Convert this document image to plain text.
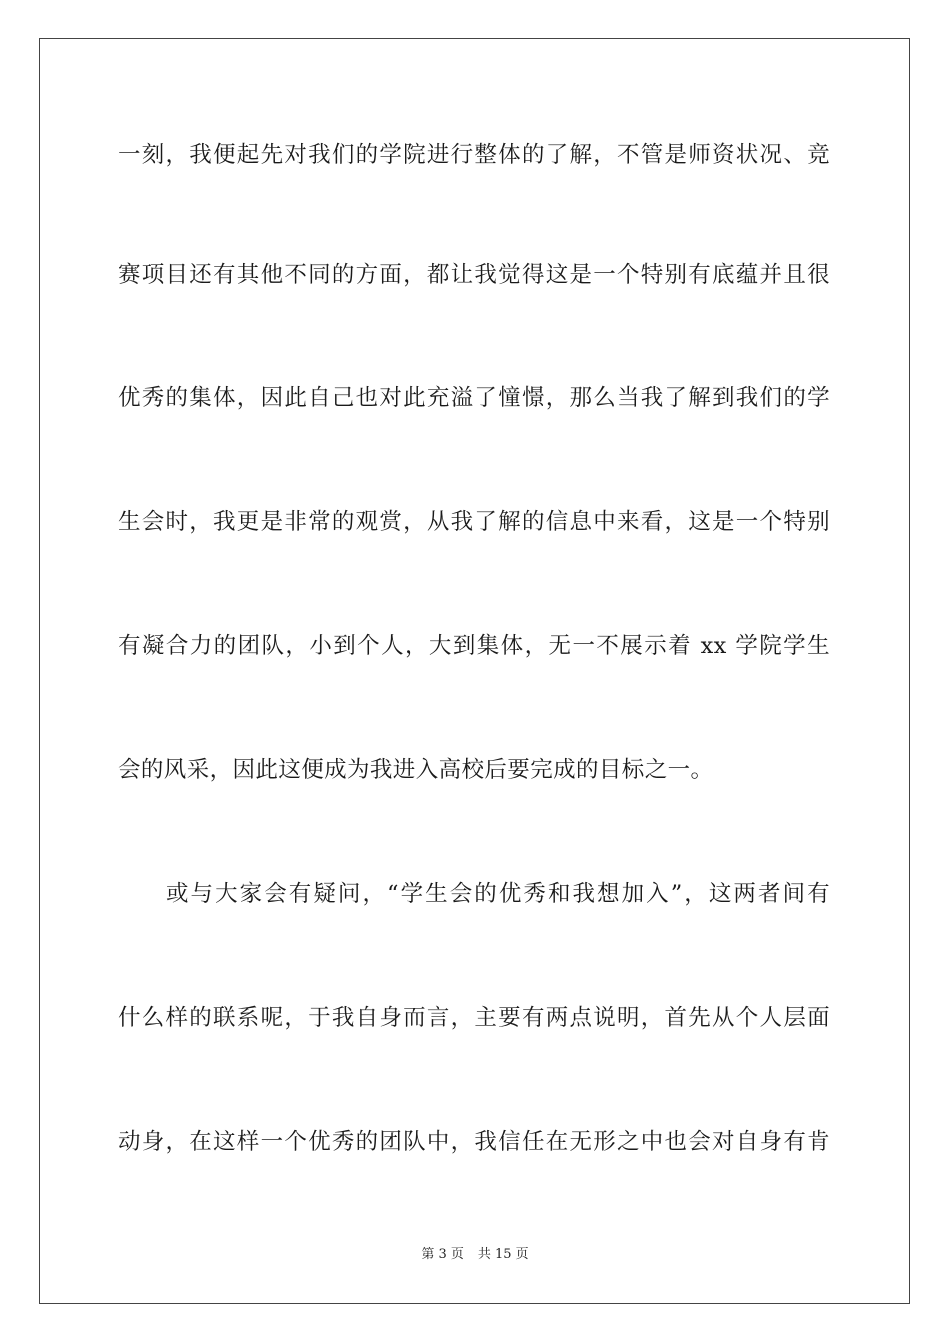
一刻，我便起先对我们的学院进行整体的了解，不管是师资状况、竞
赛项目还有其他不同的方面，都让我觉得这是一个特别有底蕴并且很
优秀的集体，因此自己也对此充溢了憧憬，那么当我了解到我们的学
生会时，我更是非常的观赏，从我了解的信息中来看，这是一个特别
有凝合力的团队，小到个人，大到集体，无一不展示着 xx 学院学生
会的风采，因此这便成为我进入高校后要完成的目标之一。
或与大家会有疑问，“学生会的优秀和我想加入”，这两者间有
什么样的联系呢，于我自身而言，主要有两点说明，首先从个人层面
动身，在这样一个优秀的团队中，我信任在无形之中也会对自身有肯
第 3 页 共 15 页
